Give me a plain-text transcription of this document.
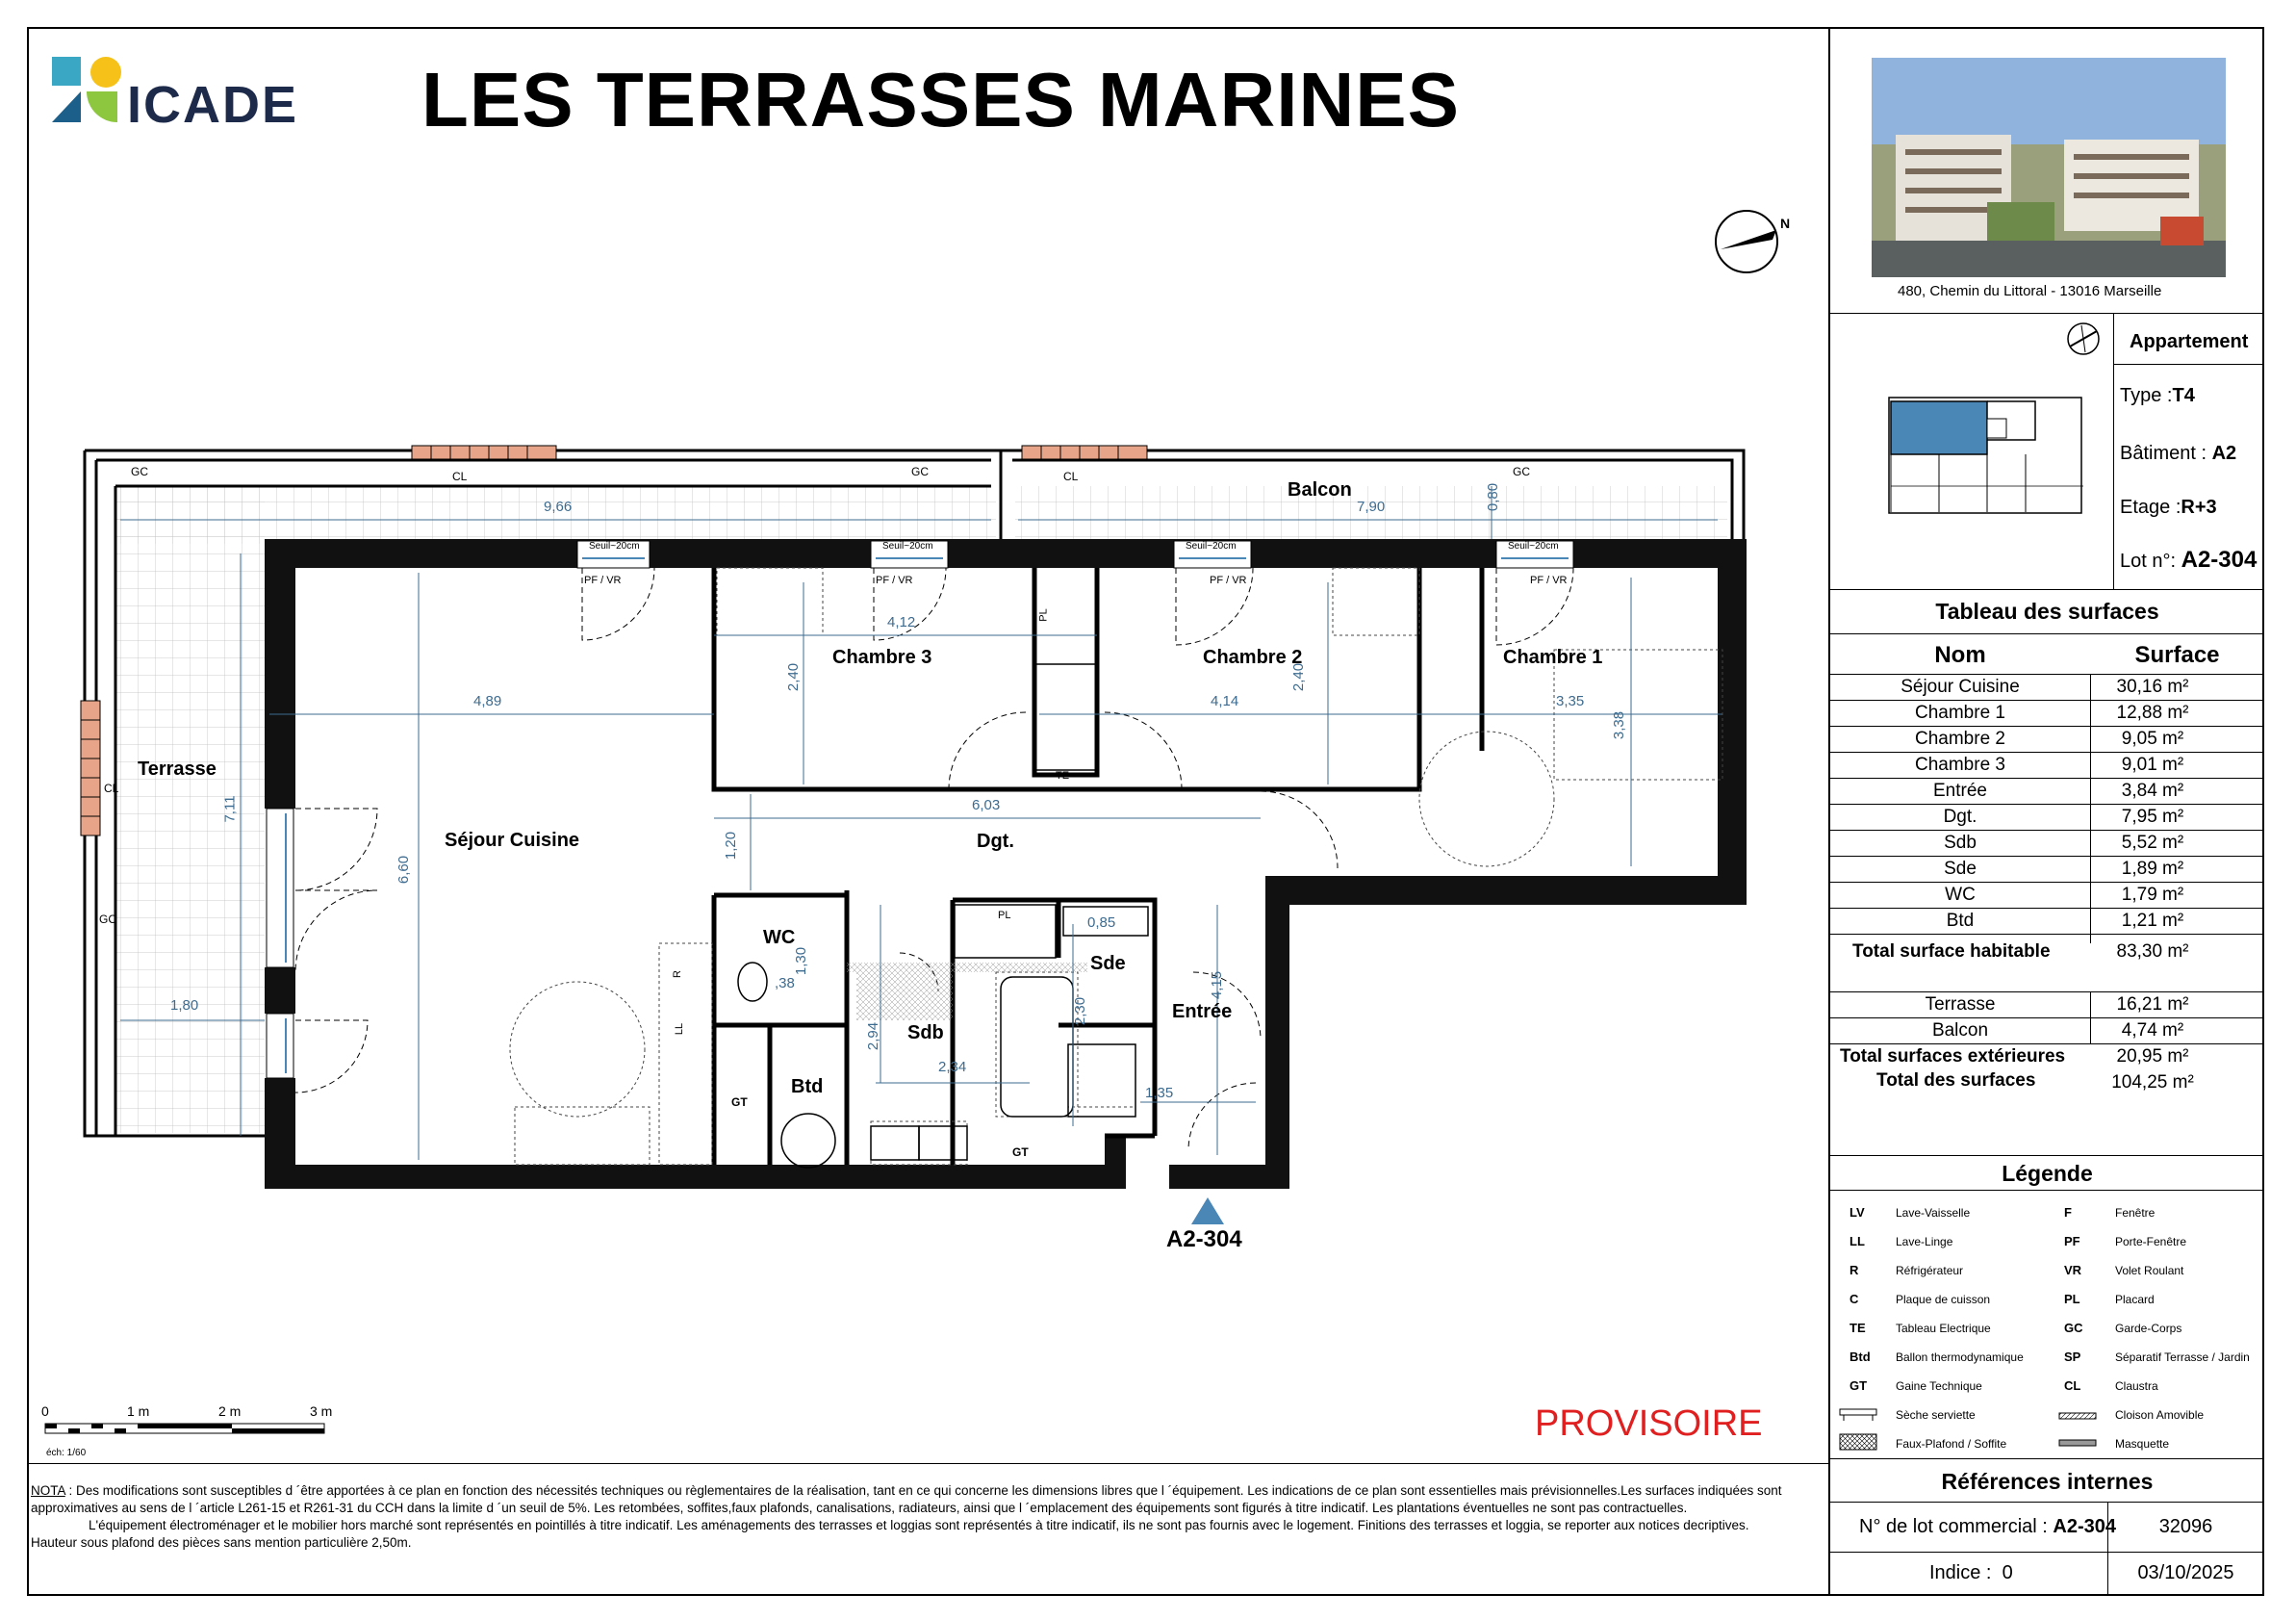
ICADE LES TERRASSES MARINES
N
480, Chemin du Littoral - 13016 Marseille
Appartement
Type :T4
Bâtiment : A2
Etage :R+3
Lot n°: A2-304
Tableau des surfaces
Nom	Surface
Séjour Cuisine	30,16 m²
Chambre 1	12,88 m²
Chambre 2	9,05 m²
Chambre 3	9,01 m²
Entrée	3,84 m²
Dgt.	7,95 m²
Sdb	5,52 m²
Sde	1,89 m²
WC	1,79 m²
Btd	1,21 m²
Total surface habitable	83,30 m²
Terrasse	16,21 m²
Balcon	4,74 m²
Total surfaces extérieures	20,95 m²
Total des surfaces	104,25 m²
Légende
LV	Lave-Vaisselle
LL	Lave-Linge
R	Réfrigérateur
C	Plaque de cuisson
TE	Tableau Electrique
Btd Ballon thermodynamique
GT Gaine Technique
Sèche serviette
Faux-Plafond / Soffite
F	Fenêtre
PF	Porte-Fenêtre
VR	Volet Roulant
PL	Placard
GC	Garde-Corps
SP	Séparatif Terrasse / Jardin
CL	Claustra
Cloison Amovible
Masquette
Références internes
N° de lot commercial : A2-304	32096
Indice : 0	03/10/2025
Séjour Cuisine
Chambre 1
Chambre 2
Chambre 3
Dgt.
WC
Sdb
Sde
Btd
Entrée
Terrasse
Balcon
9,66	7,90	0,80
4,89
6,60
7,11
1,80
4,12
2,40
4,14
2,40
3,35
3,38
6,03
1,20
1,30
,38
2,94
2,34
2,30
0,85
4,15
1,35
GC	CL	GC	CL	GC
CL
GC
Seuil~20cm	Seuil~20cm	Seuil~20cm	Seuil~20cm
PF / VR	PF / VR	PF / VR	PF / VR
PL
PL
TE
GT
GT
R
LL
A2-304
0	1 m	2 m	3 m
éch: 1/60
PROVISOIRE
NOTA : Des modifications sont susceptibles d ´être apportées à ce plan en fonction des nécessités techniques ou règlementaires de la réalisation, tant en ce qui concerne les dimensions libres que l ´équipement. Les indications de ce plan sont essentielles mais prévisionnelles.Les surfaces indiquées sont approximatives au sens de l ´article L261-15 et R261-31 du CCH dans la limite d ´un seuil de 5%. Les retombées, soffites,faux plafonds, canalisations, radiateurs, ainsi que l ´emplacement des équipements sont figurés à titre indicatif. Les plantations éventuelles ne sont pas contractuelles.
L'équipement électroménager et le mobilier hors marché sont représentés en pointillés à titre indicatif. Les aménagements des terrasses et loggias sont représentés à titre indicatif, ils ne sont pas fournis avec le logement. Finitions des terrasses et loggia, se reporter aux notices decriptives. Hauteur sous plafond des pièces sans mention particulière 2,50m.
